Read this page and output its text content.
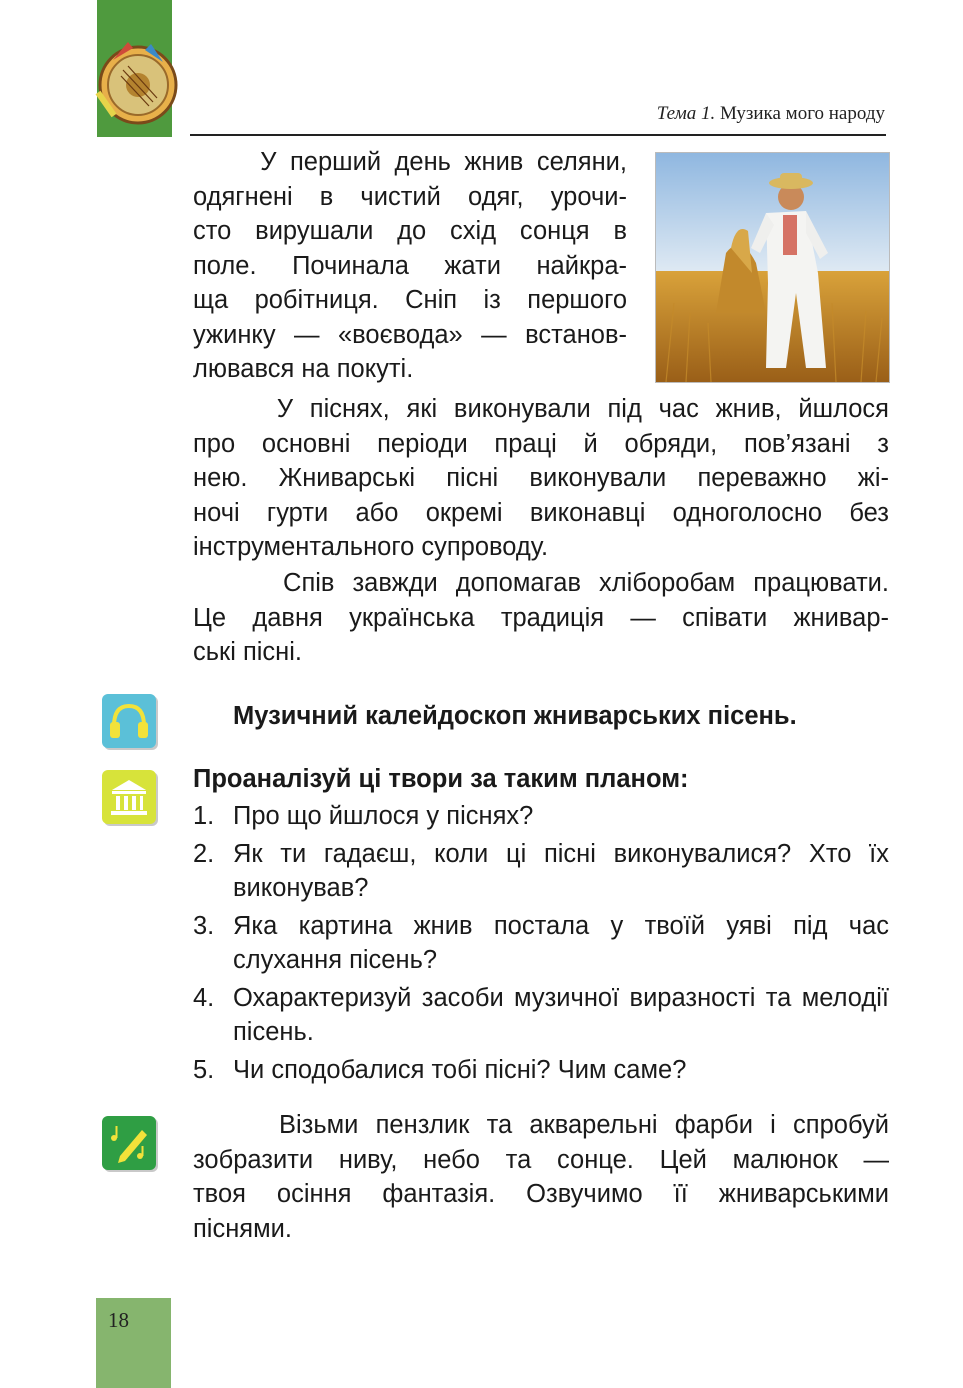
Тема 1. Музика мого народу
У перший день жнив селяни,
одягнені в чистий одяг, урочи-
сто вирушали до схід сонця в
поле. Починала жати найкра-
ща робітниця. Сніп із першого
ужинку — «воєвода» — встанов-
лювався на покуті.
У піснях, які виконували під час жнив, йшлося
про основні періоди праці й обряди, пов’язані з
нею. Жниварські пісні виконували переважно жі-
ночі гурти або окремі виконавці одноголосно без
інструментального супроводу.
Спів завжди допомагав хліборобам працювати.
Це давня українська традиція — співати жнивар-
ські пісні.
Музичний калейдоскоп жниварських пісень.
Проаналізуй ці твори за таким планом:
1. Про що йшлося у піснях?
2. Як ти гадаєш, коли ці пісні виконувалися? Хто їх виконував?
3. Яка картина жнив постала у твоїй уяві під час слухання пісень?
4. Охарактеризуй засоби музичної виразності та мелодії пісень.
5. Чи сподобалися тобі пісні? Чим саме?
Візьми пензлик та акварельні фарби і спробуй
зобразити ниву, небо та сонце. Цей малюнок —
твоя осіння фантазія. Озвучимо її жниварськими
піснями.
18
